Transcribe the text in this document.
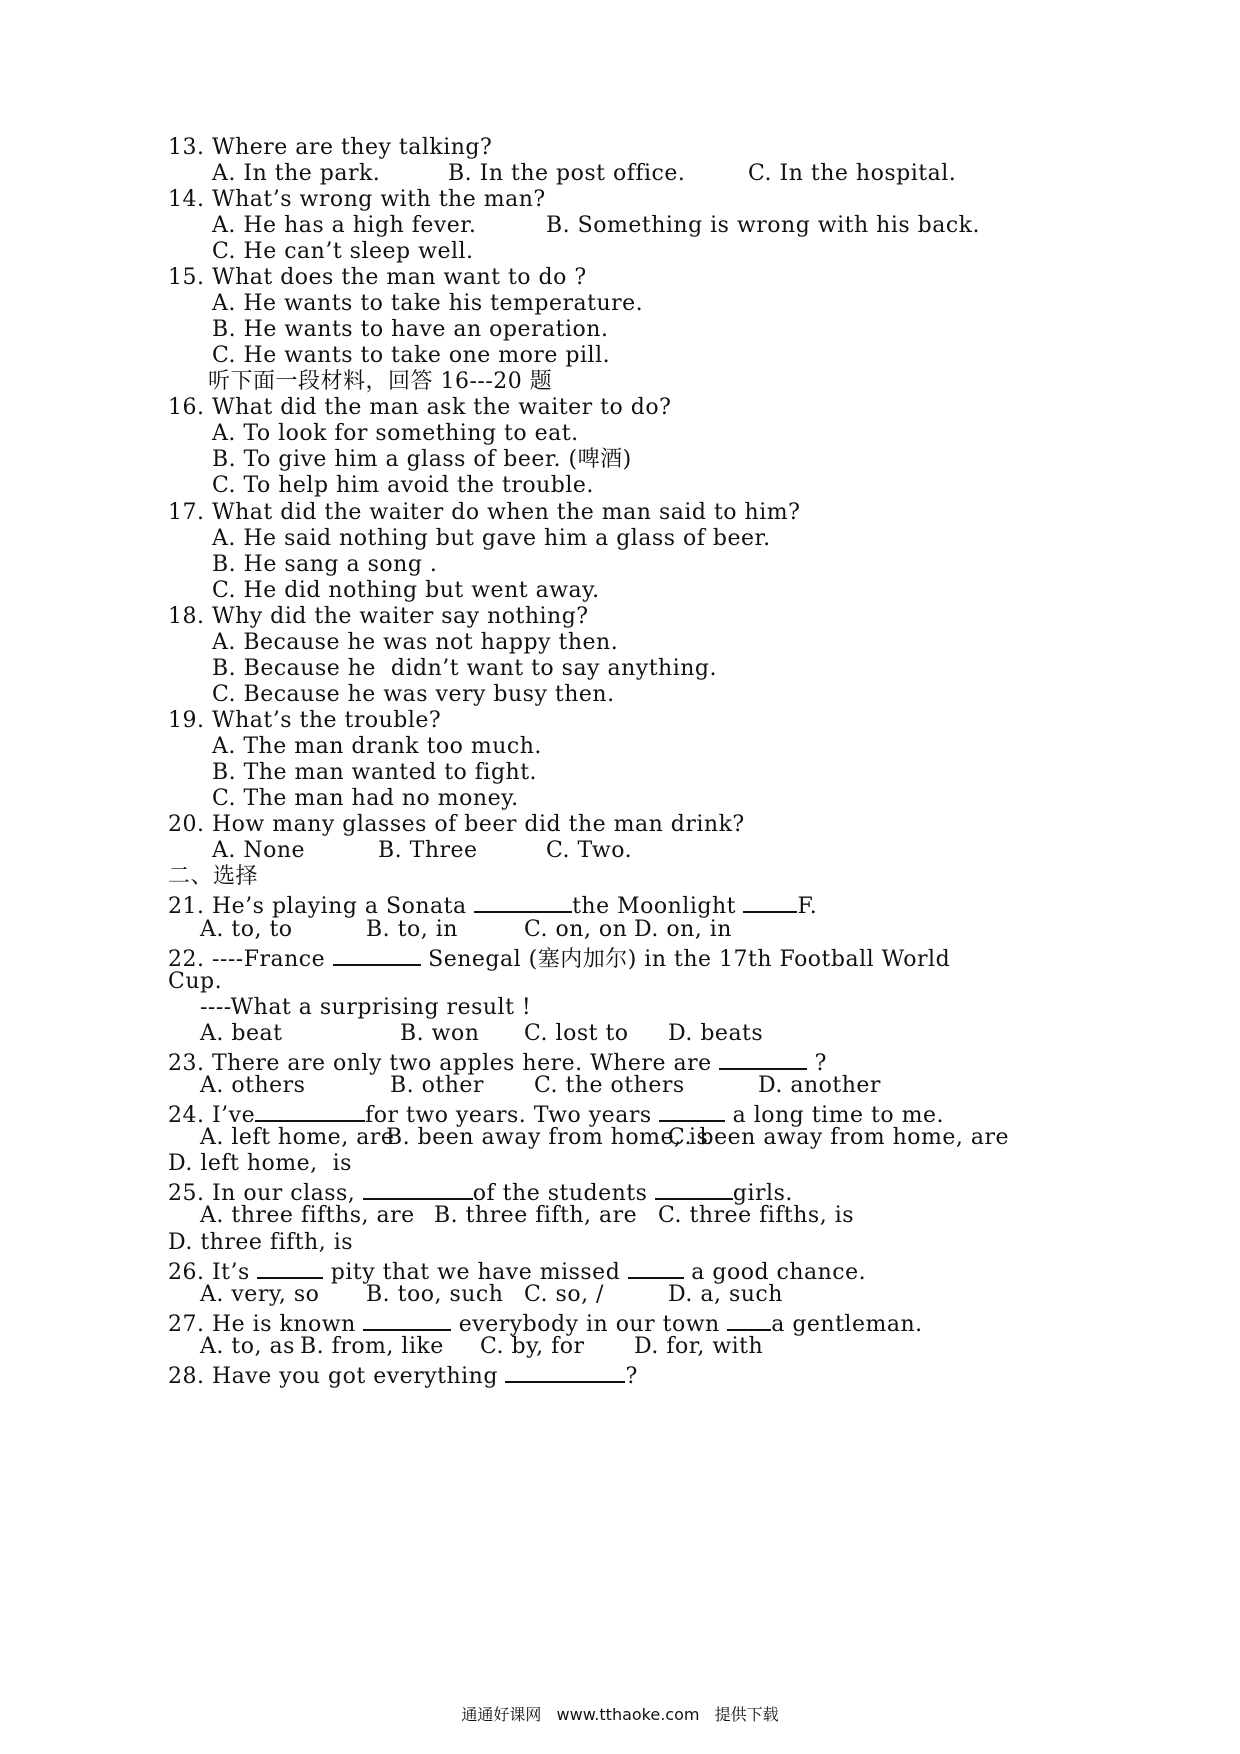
13. Where are they talking?
A. In the park.	B. In the post office.	C. In the hospital.
14. What’s wrong with the man?
A. He has a high fever.	B. Something is wrong with his back.
C. He can’t sleep well.
15. What does the man want to do ?
A. He wants to take his temperature.
B. He wants to have an operation.
C. He wants to take one more pill.
听下面一段材料，回答 16---20 题
16. What did the man ask the waiter to do?
A. To look for something to eat.
B. To give him a glass of beer. (啤酒)
C. To help him avoid the trouble.
17. What did the waiter do when the man said to him?
A. He said nothing but gave him a glass of beer.
B. He sang a song .
C. He did nothing but went away.
18. Why did the waiter say nothing?
A. Because he was not happy then.
B. Because he  didn’t want to say anything.
C. Because he was very busy then.
19. What’s the trouble?
A. The man drank too much.
B. The man wanted to fight.
C. The man had no money.
20. How many glasses of beer did the man drink?
A. None	B. Three	C. Two.
二、选择
21. He’s playing a Sonata	the Moonlight F.
A. to, to	B. to, in	C. on, on D. on, in
22. ----France	Senegal (塞内加尔) in the 17th Football World
Cup.
----What a surprising result !
A. beat	B. won C. lost to D. beats
23. There are only two apples here. Where are	?
A. others	B. other C. the others	D. another
24. I’ve	for two years. Two years	a long time to me.
A. left home, are
B. been away from home, is
C. been away from home, are
D. left home,  is
25. In our class,	of the students	girls.
A. three fifths, are B. three fifth, are C. three fifths, is
D. three fifth, is
26. It’s	pity that we have missed	a good chance.
A. very, so B. too, such C. so, /	D. a, such
27. He is known	everybody in our town a gentleman.
A. to, as B. from, like C. by, for D. for, with
28. Have you got everything	?
通通好课网 www.tthaoke.com 提供下载
